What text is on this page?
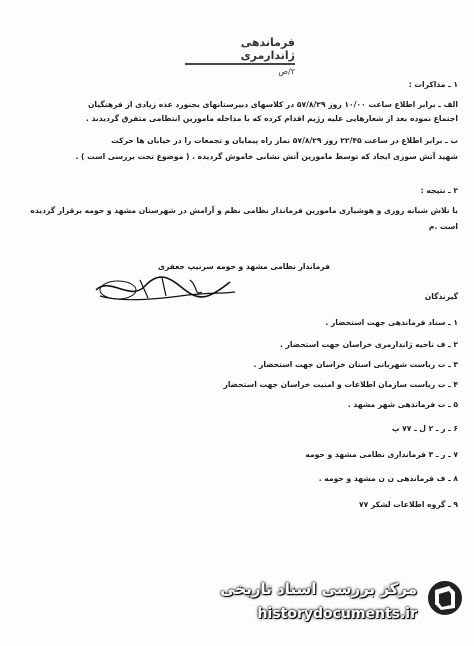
فرماندهی ژاندارمری
۲/ص
۱ ـ مذاکرات :
الف ـ برابر اطلاع ساعت ۱۰/۰۰ روز ۵۷/۸/۲۹ در کلاسهای دبیرستانهای بجنورد عده زیادی از فرهنگیان
اجتماع نموده بعد از شعارهایی علیه رژیم اقدام کرده که با مداخله مامورین انتظامی متفرق گردیدند .
ب ـ برابر اطلاع در ساعت ۲۲/۴۵ روز ۵۷/۸/۲۹ نماز راه پیمایان و تجمعات را در خیابان ها حرکت
شهید آتش سوزی ایجاد که توسط مامورین آتش نشانی خاموش گردیده . ( موضوع تحت بررسی است ) .
۲ ـ نتیجه :
با تلاش شبانه روزی و هوشیاری مامورین فرماندار نظامی نظم و آرامش در شهرستان مشهد و حومه برقرار گردیده
است .م
فرماندار نظامی مشهد و حومه سرتیپ جعفری
گیرندگان
۱ ـ ستاد فرماندهی جهت استحضار .
۲ ـ ف ناحیه ژاندارمری خراسان جهت استحضار .
۳ ـ ت ریاست شهربانی استان خراسان جهت استحضار .
۴ ـ ت ریاست سازمان اطلاعات و امنیت خراسان جهت استحضار
۵ ـ ت فرماندهی شهر مشهد .
۶ ـ ر ـ ۲ ل ـ ۷۷ پ
۷ ـ ر ـ ۳ فرمانداری نظامی مشهد و حومه
۸ ـ ف فرماندهی ن ن مشهد و حومه .
۹ ـ گروه اطلاعات لشکر ۷۷
مرکز بررسی اسناد تاریخی
historydocuments.ir
